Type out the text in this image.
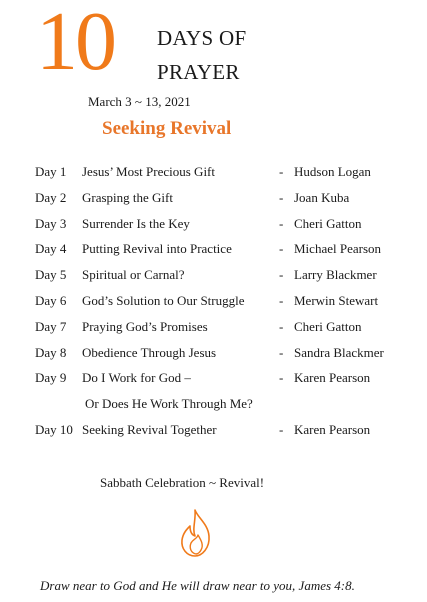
10 DAYS OF
PRAYER
March 3 ~ 13, 2021
Seeking Revival
Day 1 Jesus’ Most Precious Gift	- Hudson Logan
Day 2 Grasping the Gift	- Joan Kuba
Day 3 Surrender Is the Key	- Cheri Gatton
Day 4 Putting Revival into Practice	- Michael Pearson
Day 5 Spiritual or Carnal?	- Larry Blackmer
Day 6 God’s Solution to Our Struggle	- Merwin Stewart
Day 7 Praying God’s Promises	- Cheri Gatton
Day 8 Obedience Through Jesus	- Sandra Blackmer
Day 9 Do I Work for God –	- Karen Pearson
Or Does He Work Through Me?
Day 10 Seeking Revival Together	- Karen Pearson
Sabbath Celebration ~ Revival!
Draw near to God and He will draw near to you, James 4:8.
